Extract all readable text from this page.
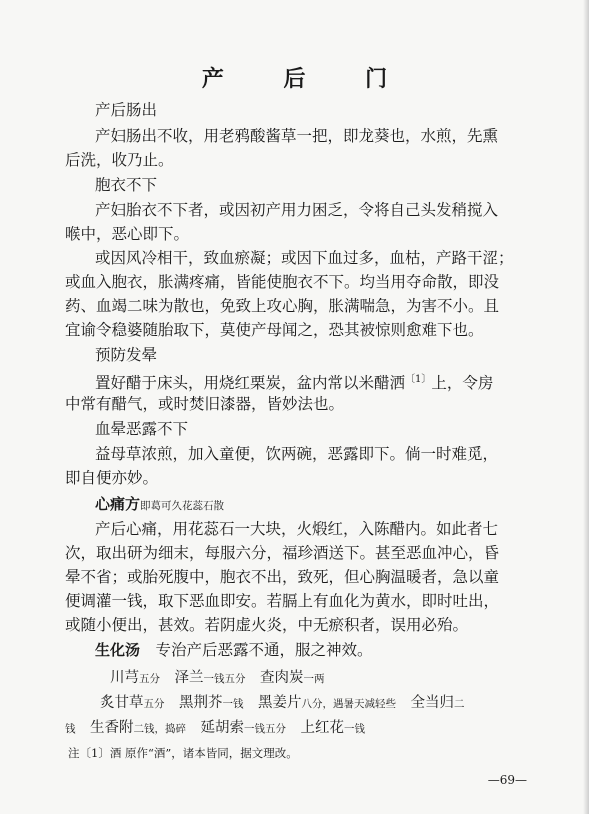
产 后 门
产后肠出
产妇肠出不收，用老鸦酸酱草一把，即龙葵也，水煎，先熏
后洗，收乃止。
胞衣不下
产妇胎衣不下者，或因初产用力困乏，令将自己头发稍搅入
喉中，恶心即下。
或因风冷相干，致血瘀凝；或因下血过多，血枯，产路干涩；
或血入胞衣，胀满疼痛，皆能使胞衣不下。均当用夺命散，即没
药、血竭二味为散也，免致上攻心胸，胀满喘急，为害不小。且
宜谕令稳婆随胎取下，莫使产母闻之，恐其被惊则愈难下也。
预防发晕
置好醋于床头，用烧红栗炭，盆内常以米醋洒$^{〔1〕}$上，令房
中常有醋气，或时焚旧漆器，皆妙法也。
血晕恶露不下
益母草浓煎，加入童便，饮两碗，恶露即下。倘一时难觅，
即自便亦妙。
心痛方即葛可久花蕊石散
产后心痛，用花蕊石一大块，火煅红，入陈醋内。如此者七
次，取出研为细末，每服六分，福珍酒送下。甚至恶血冲心，昏
晕不省；或胎死腹中，胞衣不出，致死，但心胸温暖者，急以童
便调灌一钱，取下恶血即安。若膈上有血化为黄水，即时吐出，
或随小便出，甚效。若阴虚火炎，中无瘀积者，误用必殆。
生化汤　 专治产后恶露不通，服之神效。
川芎五分　 泽兰一钱五分　 查肉炭一两
炙甘草五分　 黑荆芥一钱　 黑姜片八分，遇暑天减轻些　 全当归二
钱　 生香附二钱，捣碎　 延胡索一钱五分　 上红花一钱
注〔1〕酒 原作“酒”，诸本皆同，据文理改。
—69—
